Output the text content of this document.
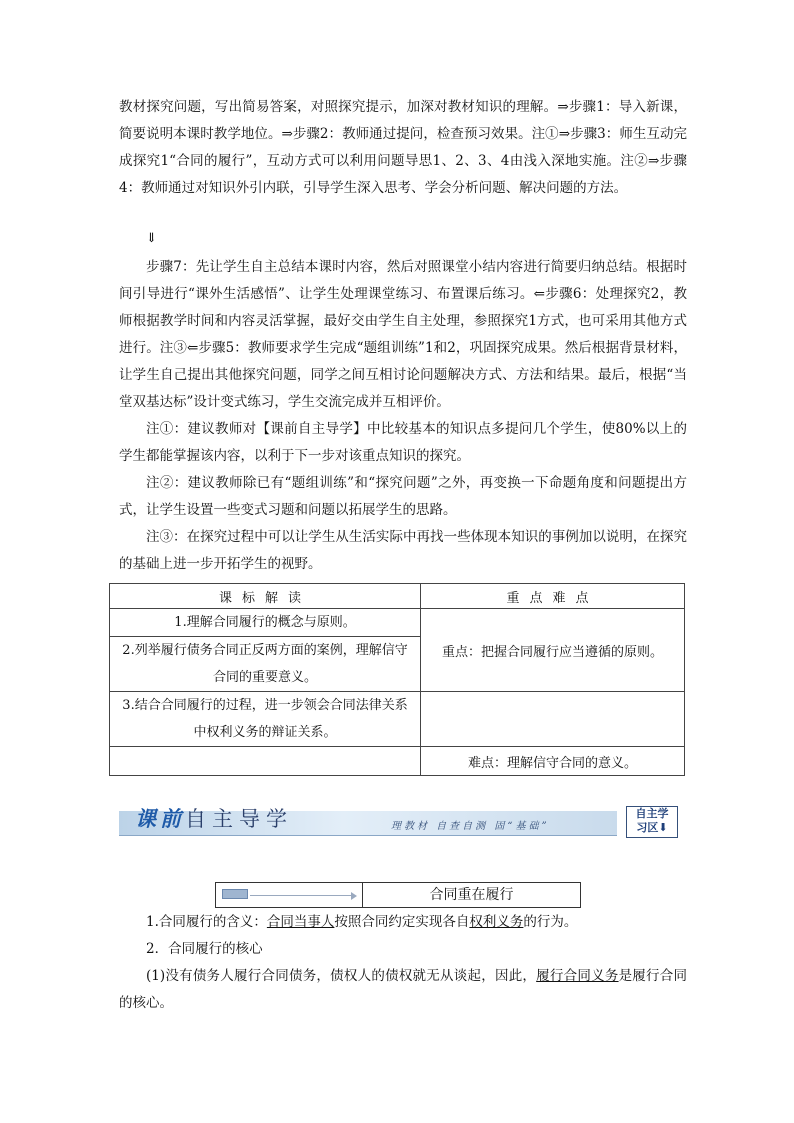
教材探究问题，写出简易答案，对照探究提示，加深对教材知识的理解。⇒步骤1：导入新课，简要说明本课时教学地位。⇒步骤2：教师通过提问，检查预习效果。注①⇒步骤3：师生互动完成探究1“合同的履行”，互动方式可以利用问题导思1、2、3、4由浅入深地实施。注②⇒步骤4：教师通过对知识外引内联，引导学生深入思考、学会分析问题、解决问题的方法。

⇓

步骤7：先让学生自主总结本课时内容，然后对照课堂小结内容进行简要归纳总结。根据时间引导进行“课外生活感悟”、让学生处理课堂练习、布置课后练习。⇐步骤6：处理探究2，教师根据教学时间和内容灵活掌握，最好交由学生自主处理，参照探究1方式，也可采用其他方式进行。注③⇐步骤5：教师要求学生完成“题组训练”1和2，巩固探究成果。然后根据背景材料，让学生自己提出其他探究问题，同学之间互相讨论问题解决方式、方法和结果。最后，根据“当堂双基达标”设计变式练习，学生交流完成并互相评价。

注①：建议教师对【课前自主导学】中比较基本的知识点多提问几个学生，使80%以上的学生都能掌握该内容，以利于下一步对该重点知识的探究。

注②：建议教师除已有“题组训练”和“探究问题”之外，再变换一下命题角度和问题提出方式，让学生设置一些变式习题和问题以拓展学生的思路。

注③：在探究过程中可以让学生从生活实际中再找一些体现本知识的事例加以说明，在探究的基础上进一步开拓学生的视野。

课标解读	重点难点

1.理解合同履行的概念与原则。	重点：把握合同履行应当遵循的原则。

2.列举履行债务合同正反两方面的案例，理解信守合同的重要意义。	

3.结合合同履行的过程，进一步领会合同法律关系中权利义务的辩证关系。	

	难点：理解信守合同的意义。
课前自主导学	理教材 自查自测 固“基础”
自主学
习区⬇
合同重在履行

1.合同履行的含义：合同当事人按照合同约定实现各自权利义务的行为。

2．合同履行的核心

(1)没有债务人履行合同债务，债权人的债权就无从谈起，因此，履行合同义务是履行合同的核心。
